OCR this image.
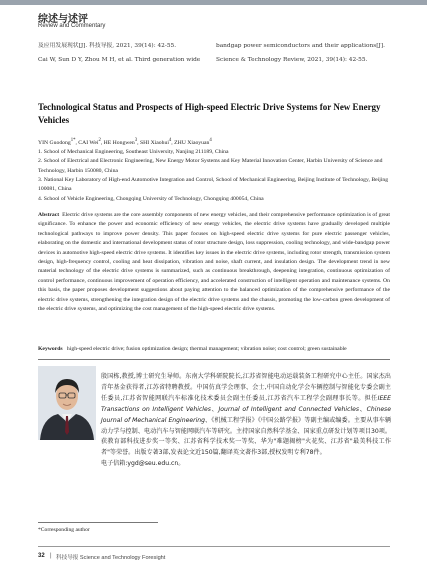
综述与述评
Review and Commentary
及应用发展现状[J]. 科技导报, 2021, 39(14): 42-55.
Cai W, Sun D Y, Zhou M H, et al. Third generation wide
bandgap power semiconductors and their applications[J].
Science & Technology Review, 2021, 39(14): 42-55.
Technological Status and Prospects of High-speed Electric Drive Systems for New Energy Vehicles
YIN Guodong$^{1*}$, CAI Wei$^2$, HE Hongwen$^3$, SHI Xiaohui$^4$, ZHU Xiaoyuan$^4$
1. School of Mechanical Engineering, Southeast University, Nanjing 211189, China
2. School of Electrical and Electronic Engineering, New Energy Motor Systems and Key Material Innovation Center, Harbin University of Science and Technology, Harbin 150080, China
3. National Key Laboratory of High-end Automotive Integration and Control, School of Mechanical Engineering, Beijing Institute of Technology, Beijing 100081, China
4. School of Vehicle Engineering, Chongqing University of Technology, Chongqing 400054, China
Abstract Electric drive systems are the core assembly components of new energy vehicles, and their comprehensive performance optimization is of great significance. To enhance the power and economic efficiency of new energy vehicles, the electric drive systems have gradually developed multiple technological pathways to improve power density. This paper focuses on high-speed electric drive systems for pure electric passenger vehicles, elaborating on the domestic and international development status of rotor structure design, loss suppression, cooling technology, and wide-bandgap power devices in automotive high-speed electric drive systems. It identifies key issues in the electric drive systems, including rotor strength, transmission system design, high-frequency control, cooling and heat dissipation, vibration and noise, shaft current, and insulation design. The development trend in new material technology of the electric drive systems is summarized, such as continuous breakthrough, deepening integration, continuous optimization of control performance, continuous improvement of operation efficiency, and accelerated construction of intelligent operation and maintenance systems. On this basis, the paper proposes development suggestions about paying attention to the balanced optimization of the comprehensive performance of the electric drive systems, strengthening the integration design of the electric drive systems and the chassis, promoting the low-carbon green development of the electric drive systems, and optimizing the cost management of the high-speed electric drive systems.
Keywords high-speed electric drive; fusion optimization design; thermal management; vibration noise; cost control; green sustainable
殷国栋,教授,博士研究生导师。东南大学科研院院长,江苏省智能电动运载装备工程研究中心主任。国家杰出青年基金获得者,江苏省特聘教授。中国仿真学会理事、会士,中国自动化学会车辆控制与智能化专委会副主任委员,江苏省智能网联汽车标准化技术委员会副主任委员,江苏省汽车工程学会副理事长等。担任IEEE Transactions on Intelligent Vehicles、Journal of Intelligent and Connected Vehicles、Chinese Journal of Mechanical Engineering、《机械工程学报》《中国公路学报》等副主编或编委。主要从事车辆动力学与控制、电动汽车与智能网联汽车等研究。主持国家自然科学基金、国家重点研发计划等项目30项。获教育部科技进步奖一等奖、江苏省科学技术奖一等奖、华为"难题揭榜"火花奖、江苏省"最美科技工作者"等荣誉。出版专著3部,发表论文近150篇,翻译英文著作3部,授权发明专利78件。
电子信箱:ygd@seu.edu.cn。
*Corresponding author
32 | 科技导报 Science and Technology Foresight
